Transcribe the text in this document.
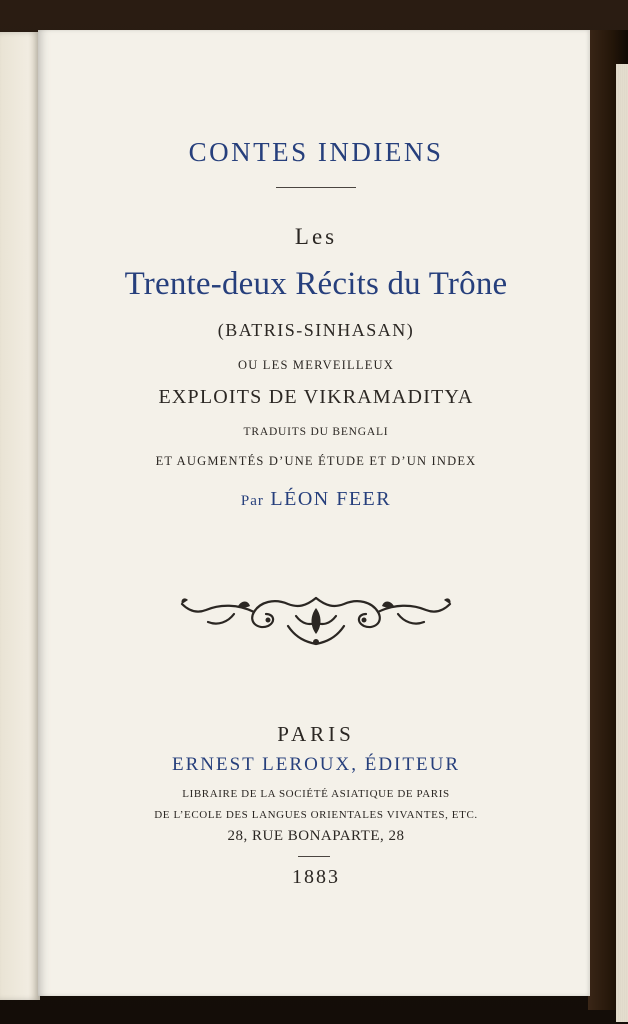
CONTES INDIENS
Les
Trente-deux Récits du Trône
(BATRIS-SINHASAN)
OU LES MERVEILLEUX
EXPLOITS DE VIKRAMADITYA
TRADUITS DU BENGALI
ET AUGMENTÉS D’UNE ÉTUDE ET D’UN INDEX
Par LÉON FEER
PARIS
ERNEST LEROUX, ÉDITEUR
LIBRAIRE DE LA SOCIÉTÉ ASIATIQUE DE PARIS
DE L’ECOLE DES LANGUES ORIENTALES VIVANTES, ETC.
28, RUE BONAPARTE, 28
1883
